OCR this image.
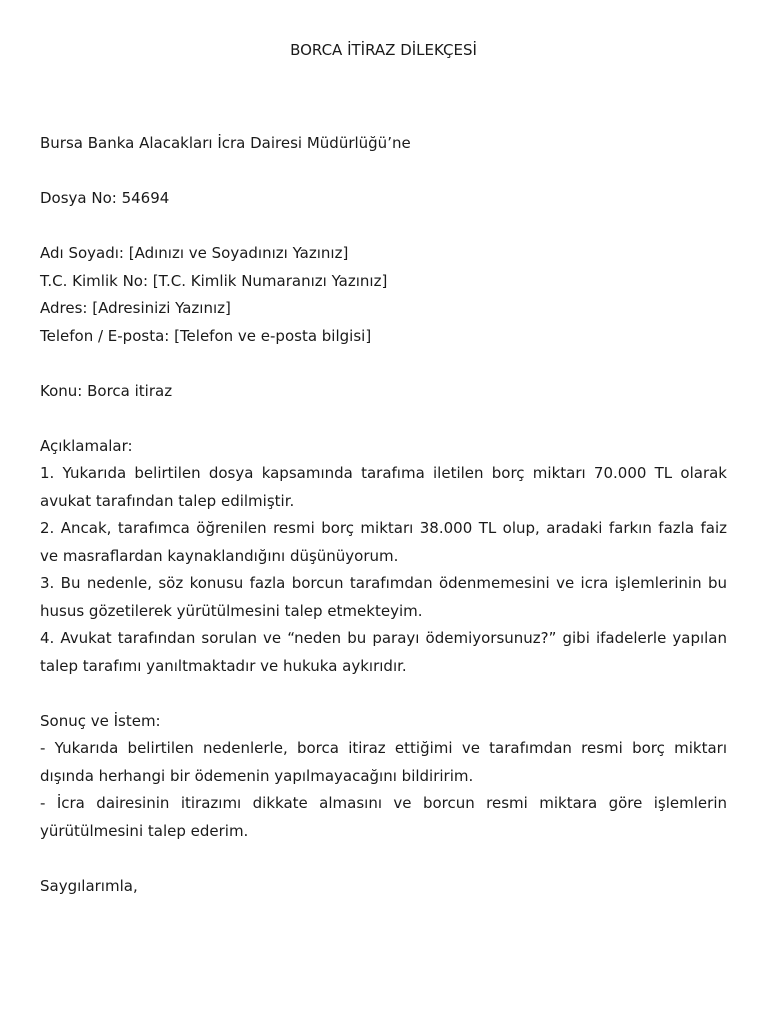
BORCA İTİRAZ DİLEKÇESİ
Bursa Banka Alacakları İcra Dairesi Müdürlüğü’ne
Dosya No: 54694
Adı Soyadı: [Adınızı ve Soyadınızı Yazınız]
T.C. Kimlik No: [T.C. Kimlik Numaranızı Yazınız]
Adres: [Adresinizi Yazınız]
Telefon / E-posta: [Telefon ve e-posta bilgisi]
Konu: Borca itiraz
Açıklamalar:
1. Yukarıda belirtilen dosya kapsamında tarafıma iletilen borç miktarı 70.000 TL olarak avukat tarafından talep edilmiştir.
2. Ancak, tarafımca öğrenilen resmi borç miktarı 38.000 TL olup, aradaki farkın fazla faiz ve masraflardan kaynaklandığını düşünüyorum.
3. Bu nedenle, söz konusu fazla borcun tarafımdan ödenmemesini ve icra işlemlerinin bu husus gözetilerek yürütülmesini talep etmekteyim.
4. Avukat tarafından sorulan ve “neden bu parayı ödemiyorsunuz?” gibi ifadelerle yapılan talep tarafımı yanıltmaktadır ve hukuka aykırıdır.
Sonuç ve İstem:
- Yukarıda belirtilen nedenlerle, borca itiraz ettiğimi ve tarafımdan resmi borç miktarı dışında herhangi bir ödemenin yapılmayacağını bildiririm.
- İcra dairesinin itirazımı dikkate almasını ve borcun resmi miktara göre işlemlerin yürütülmesini talep ederim.
Saygılarımla,
